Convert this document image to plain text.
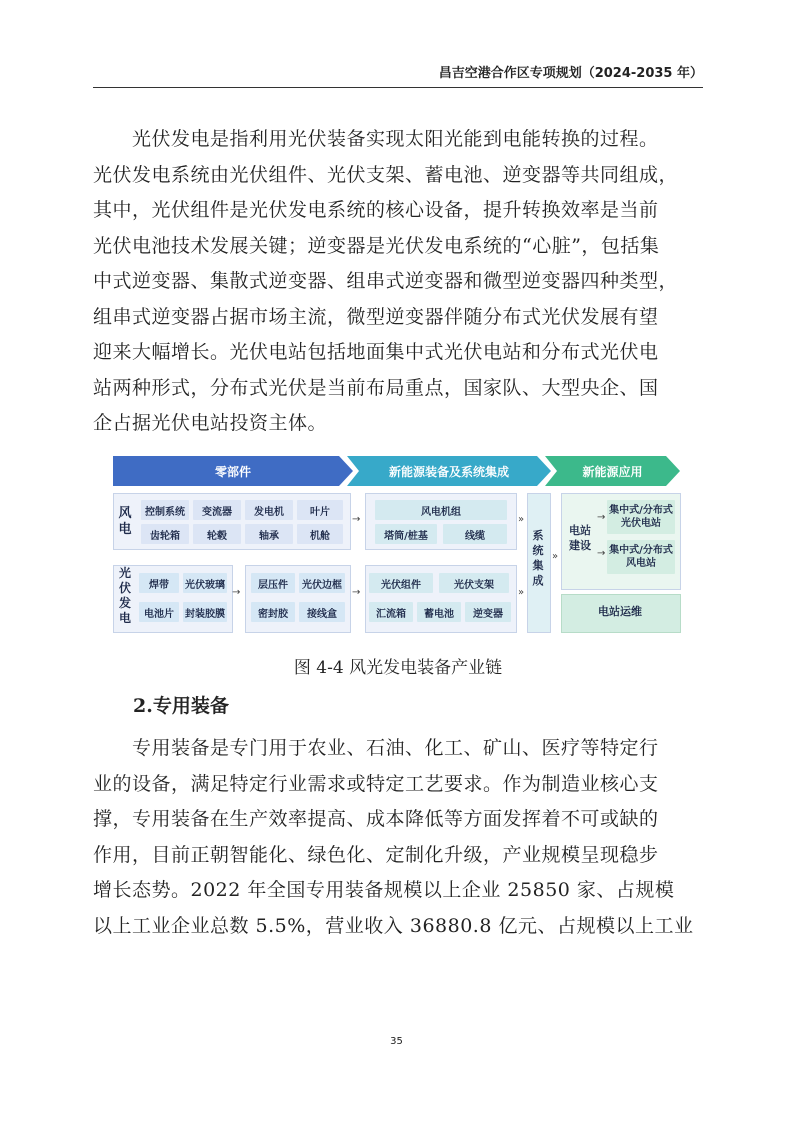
昌吉空港合作区专项规划（2024-2035 年）
　　光伏发电是指利用光伏装备实现太阳光能到电能转换的过程。
光伏发电系统由光伏组件、光伏支架、蓄电池、逆变器等共同组成，
其中，光伏组件是光伏发电系统的核心设备，提升转换效率是当前
光伏电池技术发展关键；逆变器是光伏发电系统的“心脏”，包括集
中式逆变器、集散式逆变器、组串式逆变器和微型逆变器四种类型，
组串式逆变器占据市场主流，微型逆变器伴随分布式光伏发展有望
迎来大幅增长。光伏电站包括地面集中式光伏电站和分布式光伏电
站两种形式，分布式光伏是当前布局重点，国家队、大型央企、国
企占据光伏电站投资主体。
零部件	新能源装备及系统集成	新能源应用
风
电
控制系统	变流器	发电机	叶片
齿轮箱	轮毂	轴承	机舱
→
风电机组
塔筒/桩基	线缆
光
伏
发
电
焊带	光伏玻璃
电池片	封装胶膜
→
层压件	光伏边框
密封胶	接线盒
→
光伏组件	光伏支架
汇流箱	蓄电池	逆变器
»
»
系
统
集
成
»
电站
建设
→
→
集中式/分布式
光伏电站
集中式/分布式
风电站
电站运维
图 4-4 风光发电装备产业链
2.专用装备
　　专用装备是专门用于农业、石油、化工、矿山、医疗等特定行
业的设备，满足特定行业需求或特定工艺要求。作为制造业核心支
撑，专用装备在生产效率提高、成本降低等方面发挥着不可或缺的
作用，目前正朝智能化、绿色化、定制化升级，产业规模呈现稳步
增长态势。2022 年全国专用装备规模以上企业 25850 家、占规模
以上工业企业总数 5.5%，营业收入 36880.8 亿元、占规模以上工业
35
